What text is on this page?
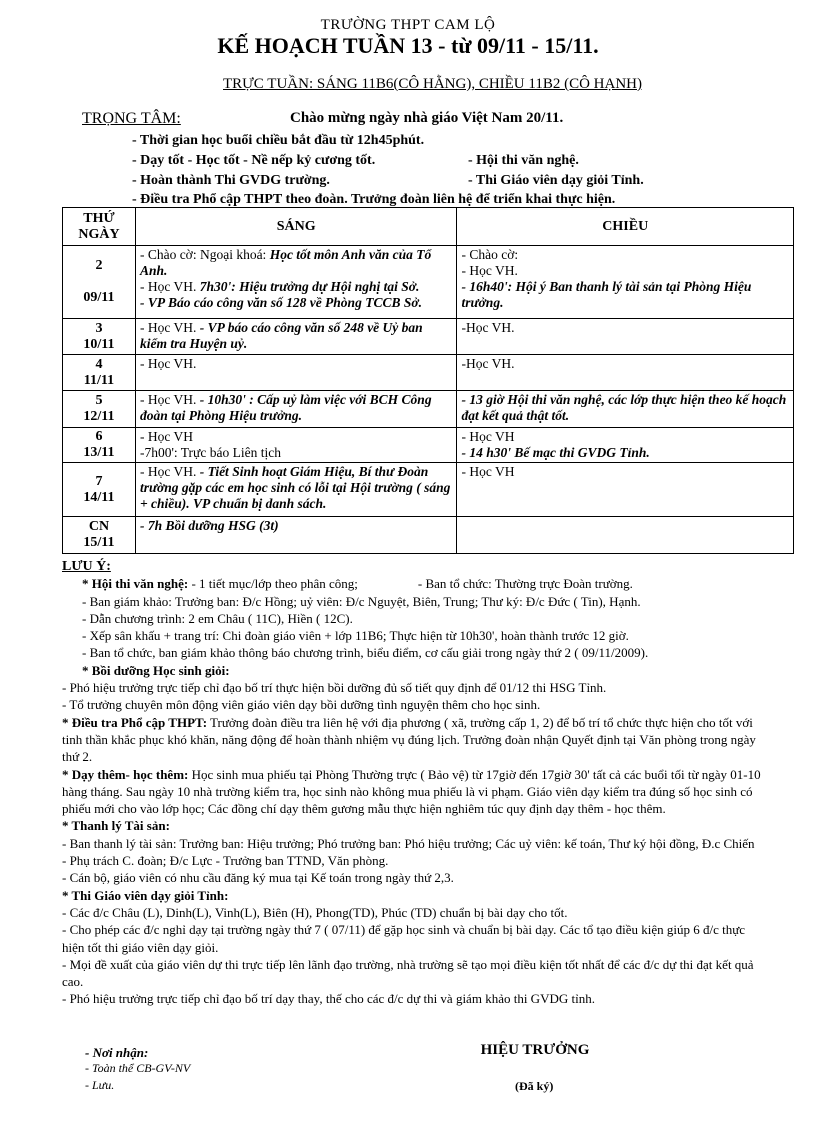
TRƯỜNG THPT CAM LỘ
KẾ HOẠCH TUẦN 13 - từ 09/11 - 15/11.
TRỰC TUẦN: SÁNG 11B6(CÔ HẰNG), CHIỀU 11B2 (CÔ HẠNH)
TRỌNG TÂM:	Chào mừng ngày nhà giáo Việt Nam 20/11.
- Thời gian học buổi chiều bắt đầu từ 12h45phút.
- Dạy tốt - Học tốt - Nề nếp kỷ cương tốt.	- Hội thi văn nghệ.
- Hoàn thành Thi GVDG trường.	- Thi Giáo viên dạy giỏi Tỉnh.
- Điều tra Phổ cập THPT theo đoàn. Trưởng đoàn liên hệ để triển khai thực hiện.
THỨ NGÀY	SÁNG	CHIỀU
2

09/11	- Chào cờ: Ngoại khoá: Học tốt môn Anh văn của Tổ Anh.
- Học VH. 7h30': Hiệu trưởng dự Hội nghị tại Sở.
- VP Báo cáo công văn số 128 về Phòng TCCB Sở.	- Chào cờ:
- Học VH.
- 16h40': Hội ý Ban thanh lý tài sản tại Phòng Hiệu trưởng.
3
10/11	- Học VH. - VP báo cáo công văn số 248 về Uỷ ban kiểm tra Huyện uỷ.	-Học VH.
4
11/11	- Học VH.	-Học VH.
5
12/11	- Học VH. - 10h30' : Cấp uỷ làm việc với BCH Công đoàn tại Phòng Hiệu trưởng.	- 13 giờ Hội thi văn nghệ, các lớp thực hiện theo kế hoạch đạt kết quả thật tốt.
6
13/11	- Học VH
-7h00': Trực báo Liên tịch	- Học VH
- 14 h30' Bế mạc thi GVDG Tỉnh.
7
14/11	- Học VH. - Tiết Sinh hoạt Giám Hiệu, Bí thư Đoàn trường gặp các em học sinh có lỗi tại Hội trường ( sáng + chiều). VP chuẩn bị danh sách.	- Học VH
CN
15/11	- 7h Bồi dưỡng HSG (3t)	

LƯU Ý:

* Hội thi văn nghệ: - 1 tiết mục/lớp theo phân công;	- Ban tổ chức: Thường trực Đoàn trường.

- Ban giám khảo: Trưởng ban: Đ/c Hồng; uỷ viên: Đ/c Nguyệt, Biên, Trung; Thư ký: Đ/c Đức ( Tin), Hạnh.

- Dẫn chương trình: 2 em Châu ( 11C), Hiền ( 12C).

- Xếp sân khấu + trang trí: Chi đoàn giáo viên + lớp 11B6; Thực hiện từ 10h30', hoàn thành trước 12 giờ.

- Ban tổ chức, ban giám khảo thông báo chương trình, biểu điểm, cơ cấu giải trong ngày thứ 2 ( 09/11/2009).

* Bồi dưỡng Học sinh giỏi:

- Phó hiệu trưởng trực tiếp chỉ đạo bố trí thực hiện bồi dưỡng đủ số tiết quy định để 01/12 thi HSG Tỉnh.

- Tổ trưởng chuyên môn động viên giáo viên dạy bồi dưỡng tình nguyện thêm cho học sinh.

* Điều tra Phổ cập THPT: Trưởng đoàn điều tra liên hệ với địa phương ( xã, trường cấp 1, 2) để bố trí tổ chức thực hiện cho tốt với tinh thần khắc phục khó khăn, năng động để hoàn thành nhiệm vụ đúng lịch. Trưởng đoàn nhận Quyết định tại Văn phòng trong ngày thứ 2.

* Dạy thêm- học thêm: Học sinh mua phiếu tại Phòng Thường trực ( Bảo vệ) từ 17giờ đến 17giờ 30' tất cả các buổi tối từ ngày 01-10 hàng tháng. Sau ngày 10 nhà trường kiểm tra, học sinh nào không mua phiếu là vi phạm. Giáo viên dạy kiểm tra đúng số học sinh có phiếu mới cho vào lớp học; Các đồng chí dạy thêm gương mẫu thực hiện nghiêm túc quy định dạy thêm - học thêm.

* Thanh lý Tài sản:

- Ban thanh lý tài sản: Trưởng ban: Hiệu trưởng; Phó trưởng ban: Phó hiệu trưởng; Các uỷ viên: kế toán, Thư ký hội đồng, Đ.c Chiến - Phụ trách C. đoàn; Đ/c Lực - Trưởng ban TTND, Văn phòng.

- Cán bộ, giáo viên có nhu cầu đăng ký mua tại Kế toán trong ngày thứ 2,3.

* Thi Giáo viên dạy giỏi Tỉnh:

- Các đ/c Châu (L), Dinh(L), Vinh(L), Biên (H), Phong(TD), Phúc (TD) chuẩn bị bài dạy cho tốt.

- Cho phép các đ/c nghỉ dạy tại trường ngày thứ 7 ( 07/11) để gặp học sinh và chuẩn bị bài dạy. Các tổ tạo điều kiện giúp 6 đ/c thực hiện tốt thi giáo viên dạy giỏi.

- Mọi đề xuất của giáo viên dự thi trực tiếp lên lãnh đạo trường, nhà trường sẽ tạo mọi điều kiện tốt nhất để các đ/c dự thi đạt kết quả cao.

- Phó hiệu trưởng trực tiếp chỉ đạo bố trí dạy thay, thế cho các đ/c dự thi và giám khảo thi GVDG tỉnh.

- Nơi nhận:
- Toàn thể CB-GV-NV
- Lưu.
HIỆU TRƯỞNG
(Đã ký)
